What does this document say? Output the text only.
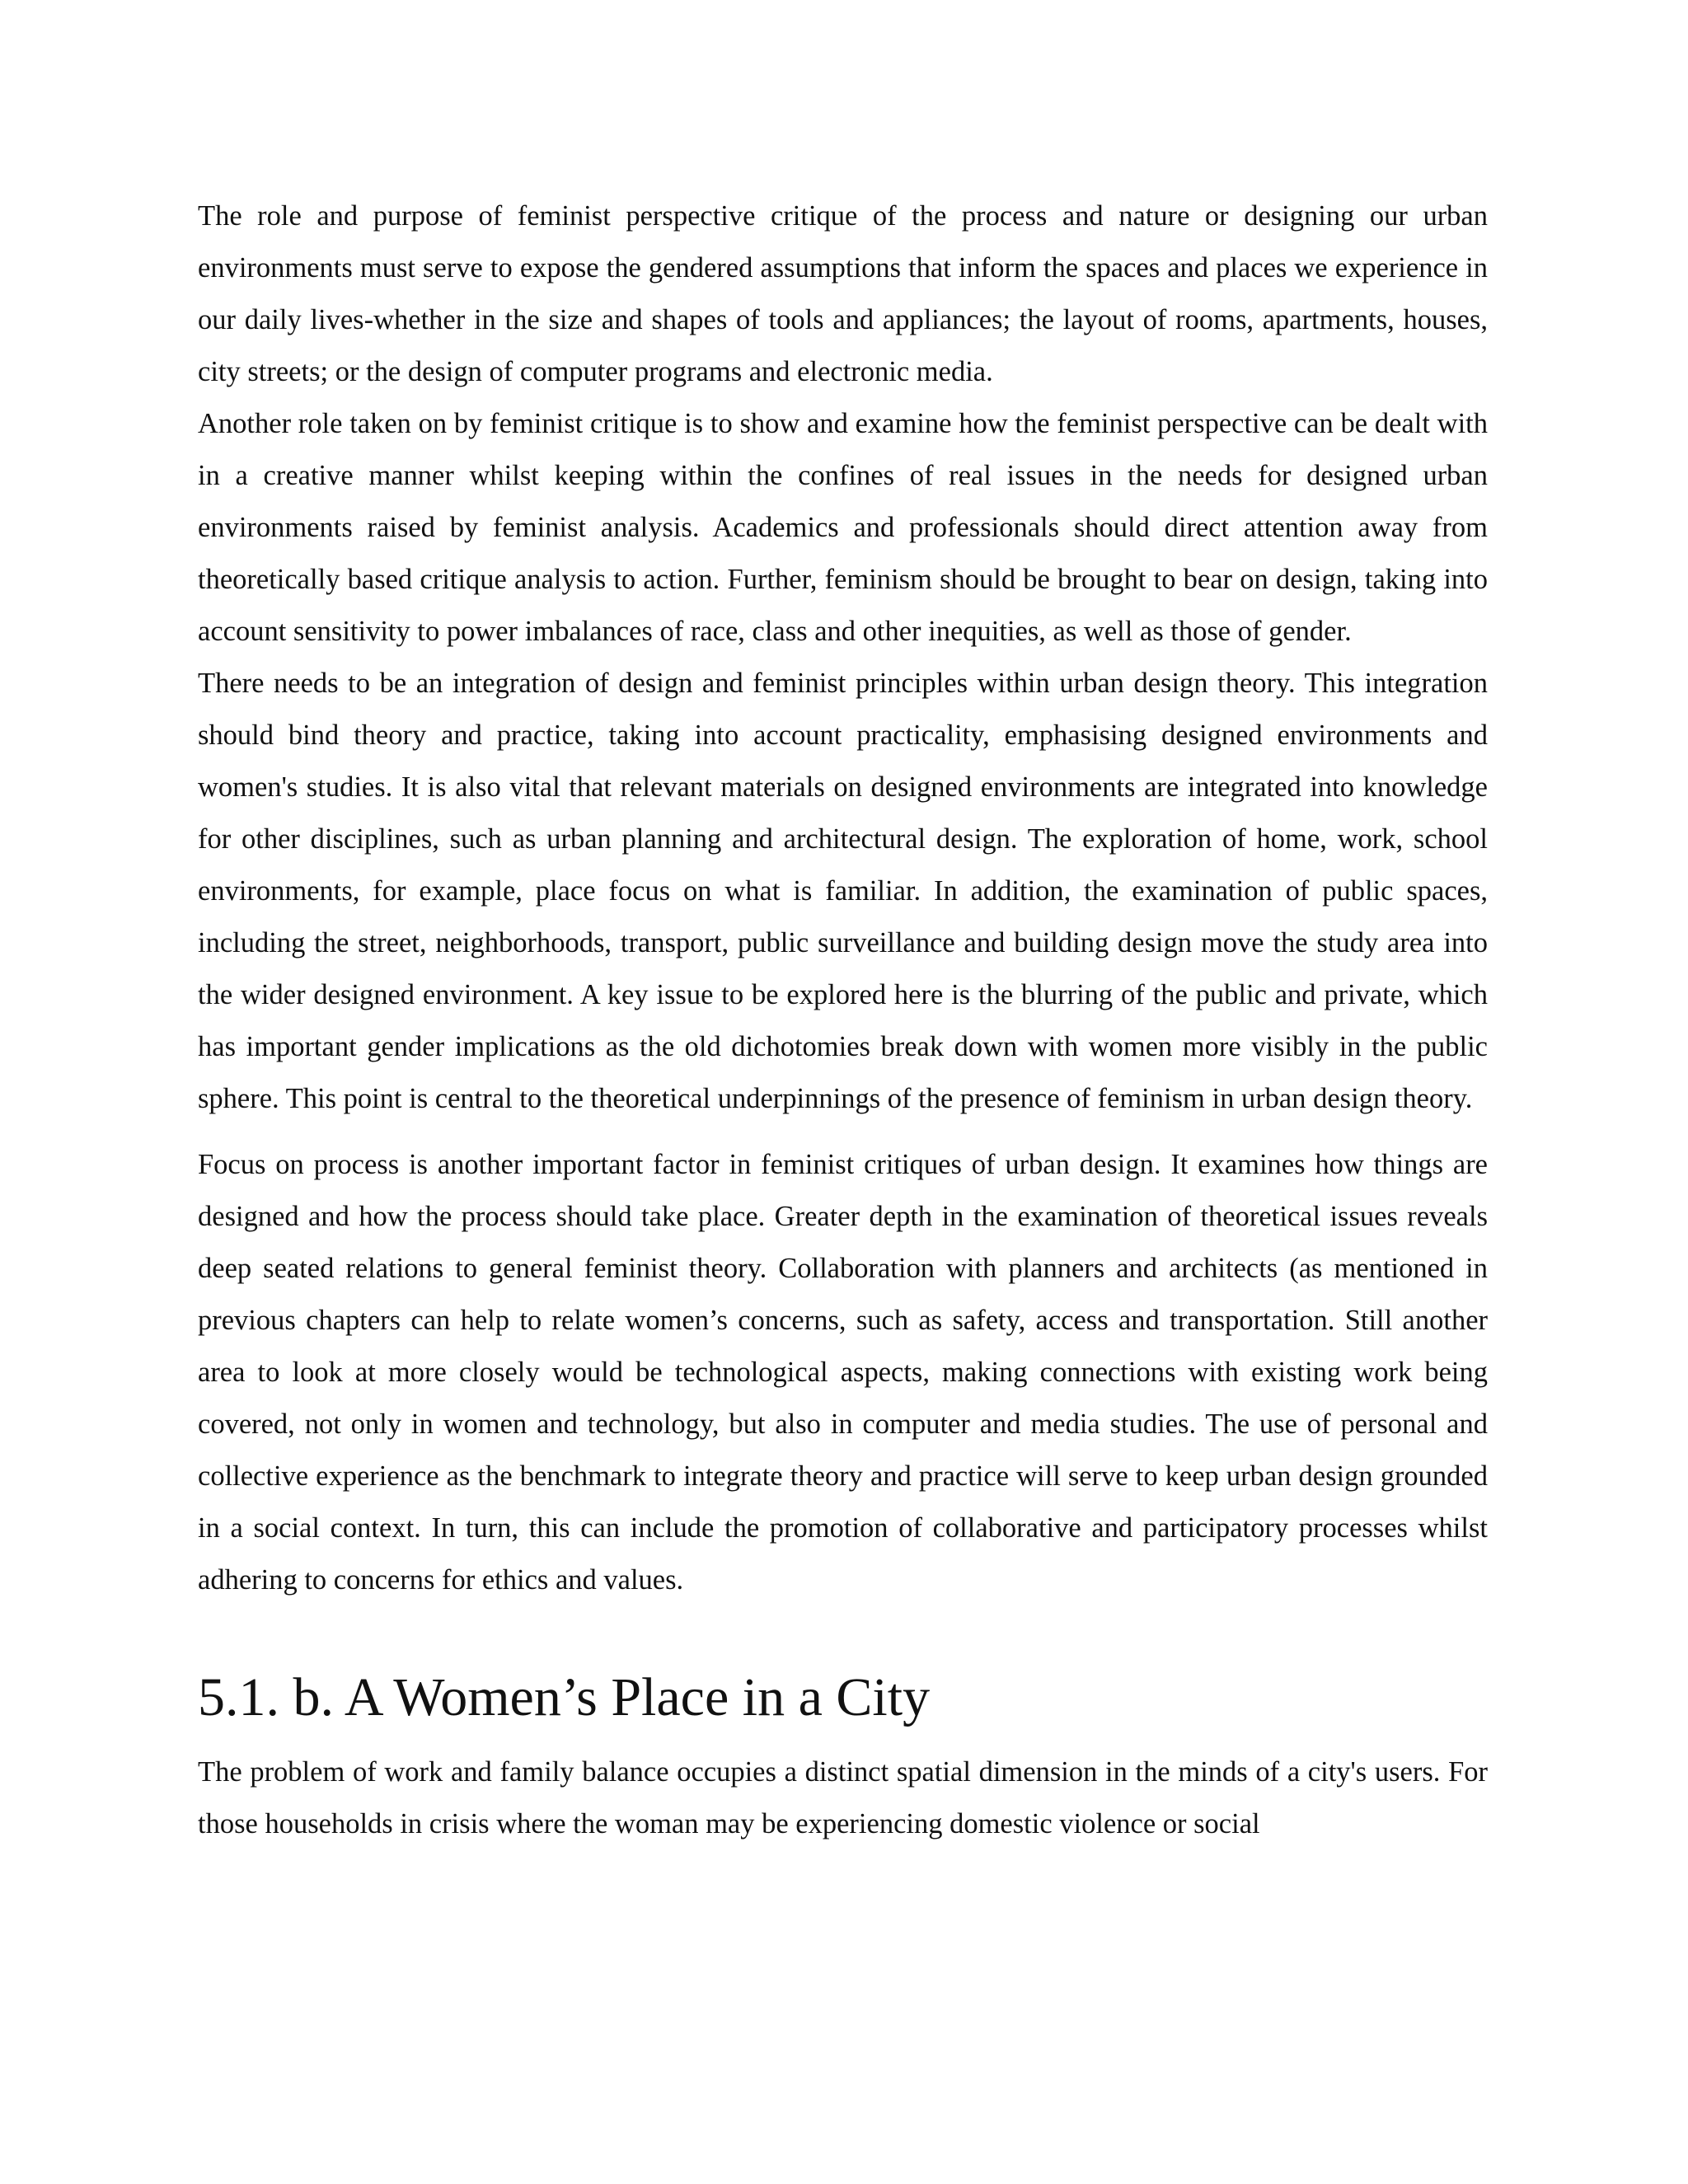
The role and purpose of feminist perspective critique of the process and nature or designing our urban environments must serve to expose the gendered assumptions that inform the spaces and places we experience in our daily lives-whether in the size and shapes of tools and appliances; the layout of rooms, apartments, houses, city streets; or the design of computer programs and electronic media.

Another role taken on by feminist critique is to show and examine how the feminist perspective can be dealt with in a creative manner whilst keeping within the confines of real issues in the needs for designed urban environments raised by feminist analysis. Academics and professionals should direct attention away from theoretically based critique analysis to action. Further, feminism should be brought to bear on design, taking into account sensitivity to power imbalances of race, class and other inequities, as well as those of gender.

There needs to be an integration of design and feminist principles within urban design theory. This integration should bind theory and practice, taking into account practicality, emphasising designed environments and women's studies. It is also vital that relevant materials on designed environments are integrated into knowledge for other disciplines, such as urban planning and architectural design. The exploration of home, work, school environments, for example, place focus on what is familiar. In addition, the examination of public spaces, including the street, neighborhoods, transport, public surveillance and building design move the study area into the wider designed environment. A key issue to be explored here is the blurring of the public and private, which has important gender implications as the old dichotomies break down with women more visibly in the public sphere. This point is central to the theoretical underpinnings of the presence of feminism in urban design theory.

Focus on process is another important factor in feminist critiques of urban design. It examines how things are designed and how the process should take place. Greater depth in the examination of theoretical issues reveals deep seated relations to general feminist theory. Collaboration with planners and architects (as mentioned in previous chapters can help to relate women’s concerns, such as safety, access and transportation. Still another area to look at more closely would be technological aspects, making connections with existing work being covered, not only in women and technology, but also in computer and media studies. The use of personal and collective experience as the benchmark to integrate theory and practice will serve to keep urban design grounded in a social context. In turn, this can include the promotion of collaborative and participatory processes whilst adhering to concerns for ethics and values.

5.1. b. A Women’s Place in a City

The problem of work and family balance occupies a distinct spatial dimension in the minds of a city's users. For those households in crisis where the woman may be experiencing domestic violence or social
